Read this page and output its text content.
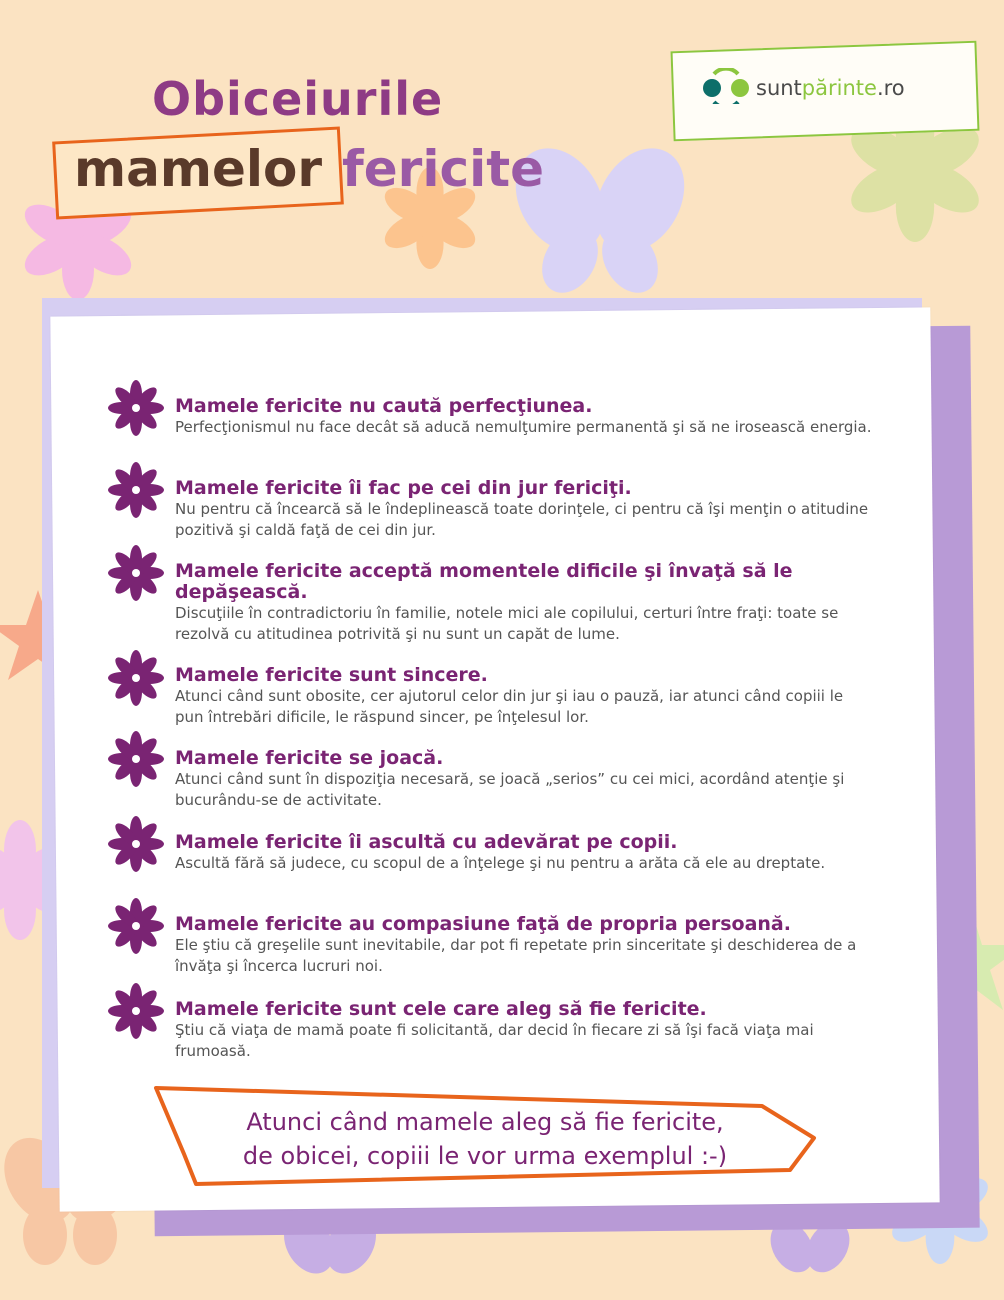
Obiceiurile
mamelor fericite
suntpărinte.ro
Mamele fericite nu caută perfecţiunea.
Perfecţionismul nu face decât să aducă nemulţumire permanentă şi să ne irosească energia.
Mamele fericite îi fac pe cei din jur fericiţi.
Nu pentru că încearcă să le îndeplinească toate dorinţele, ci pentru că îşi menţin o atitudine pozitivă şi caldă faţă de cei din jur.
Mamele fericite acceptă momentele dificile şi învaţă să le depăşească.
Discuţiile în contradictoriu în familie, notele mici ale copilului, certuri între fraţi: toate se rezolvă cu atitudinea potrivită şi nu sunt un capăt de lume.
Mamele fericite sunt sincere.
Atunci când sunt obosite, cer ajutorul celor din jur şi iau o pauză, iar atunci când copiii le pun întrebări dificile, le răspund sincer, pe înţelesul lor.
Mamele fericite se joacă.
Atunci când sunt în dispoziţia necesară, se joacă „serios” cu cei mici, acordând atenţie şi bucurându-se de activitate.
Mamele fericite îi ascultă cu adevărat pe copii.
Ascultă fără să judece, cu scopul de a înţelege şi nu pentru a arăta că ele au dreptate.
Mamele fericite au compasiune faţă de propria persoană.
Ele ştiu că greşelile sunt inevitabile, dar pot fi repetate prin sinceritate şi deschiderea de a învăţa şi încerca lucruri noi.
Mamele fericite sunt cele care aleg să fie fericite.
Ştiu că viaţa de mamă poate fi solicitantă, dar decid în fiecare zi să îşi facă viaţa mai frumoasă.
Atunci când mamele aleg să fie fericite,
de obicei, copiii le vor urma exemplul :-)
